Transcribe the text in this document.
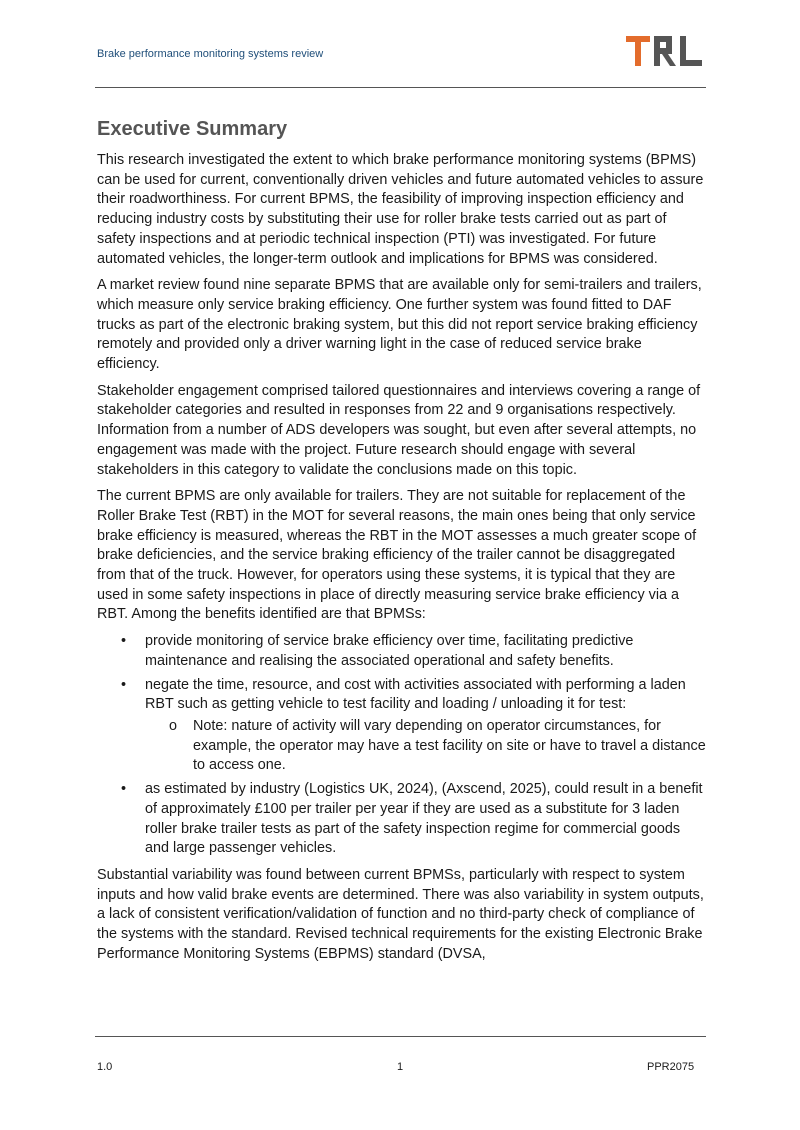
Brake performance monitoring systems review
Executive Summary

This research investigated the extent to which brake performance monitoring systems (BPMS) can be used for current, conventionally driven vehicles and future automated vehicles to assure their roadworthiness. For current BPMS, the feasibility of improving inspection efficiency and reducing industry costs by substituting their use for roller brake tests carried out as part of safety inspections and at periodic technical inspection (PTI) was investigated. For future automated vehicles, the longer-term outlook and implications for BPMS was considered.

A market review found nine separate BPMS that are available only for semi-trailers and trailers, which measure only service braking efficiency. One further system was found fitted to DAF trucks as part of the electronic braking system, but this did not report service braking efficiency remotely and provided only a driver warning light in the case of reduced service brake efficiency.

Stakeholder engagement comprised tailored questionnaires and interviews covering a range of stakeholder categories and resulted in responses from 22 and 9 organisations respectively. Information from a number of ADS developers was sought, but even after several attempts, no engagement was made with the project. Future research should engage with several stakeholders in this category to validate the conclusions made on this topic.

The current BPMS are only available for trailers. They are not suitable for replacement of the Roller Brake Test (RBT) in the MOT for several reasons, the main ones being that only service brake efficiency is measured, whereas the RBT in the MOT assesses a much greater scope of brake deficiencies, and the service braking efficiency of the trailer cannot be disaggregated from that of the truck. However, for operators using these systems, it is typical that they are used in some safety inspections in place of directly measuring service brake efficiency via a RBT. Among the benefits identified are that BPMSs:

• provide monitoring of service brake efficiency over time, facilitating predictive maintenance and realising the associated operational and safety benefits.
• negate the time, resource, and cost with activities associated with performing a laden RBT such as getting vehicle to test facility and loading / unloading it for test:
o Note: nature of activity will vary depending on operator circumstances, for example, the operator may have a test facility on site or have to travel a distance to access one.
• as estimated by industry (Logistics UK, 2024), (Axscend, 2025), could result in a benefit of approximately £100 per trailer per year if they are used as a substitute for 3 laden roller brake trailer tests as part of the safety inspection regime for commercial goods and large passenger vehicles.

Substantial variability was found between current BPMSs, particularly with respect to system inputs and how valid brake events are determined. There was also variability in system outputs, a lack of consistent verification/validation of function and no third-party check of compliance of the systems with the standard. Revised technical requirements for the existing Electronic Brake Performance Monitoring Systems (EBPMS) standard (DVSA,

1.0	1	PPR2075
